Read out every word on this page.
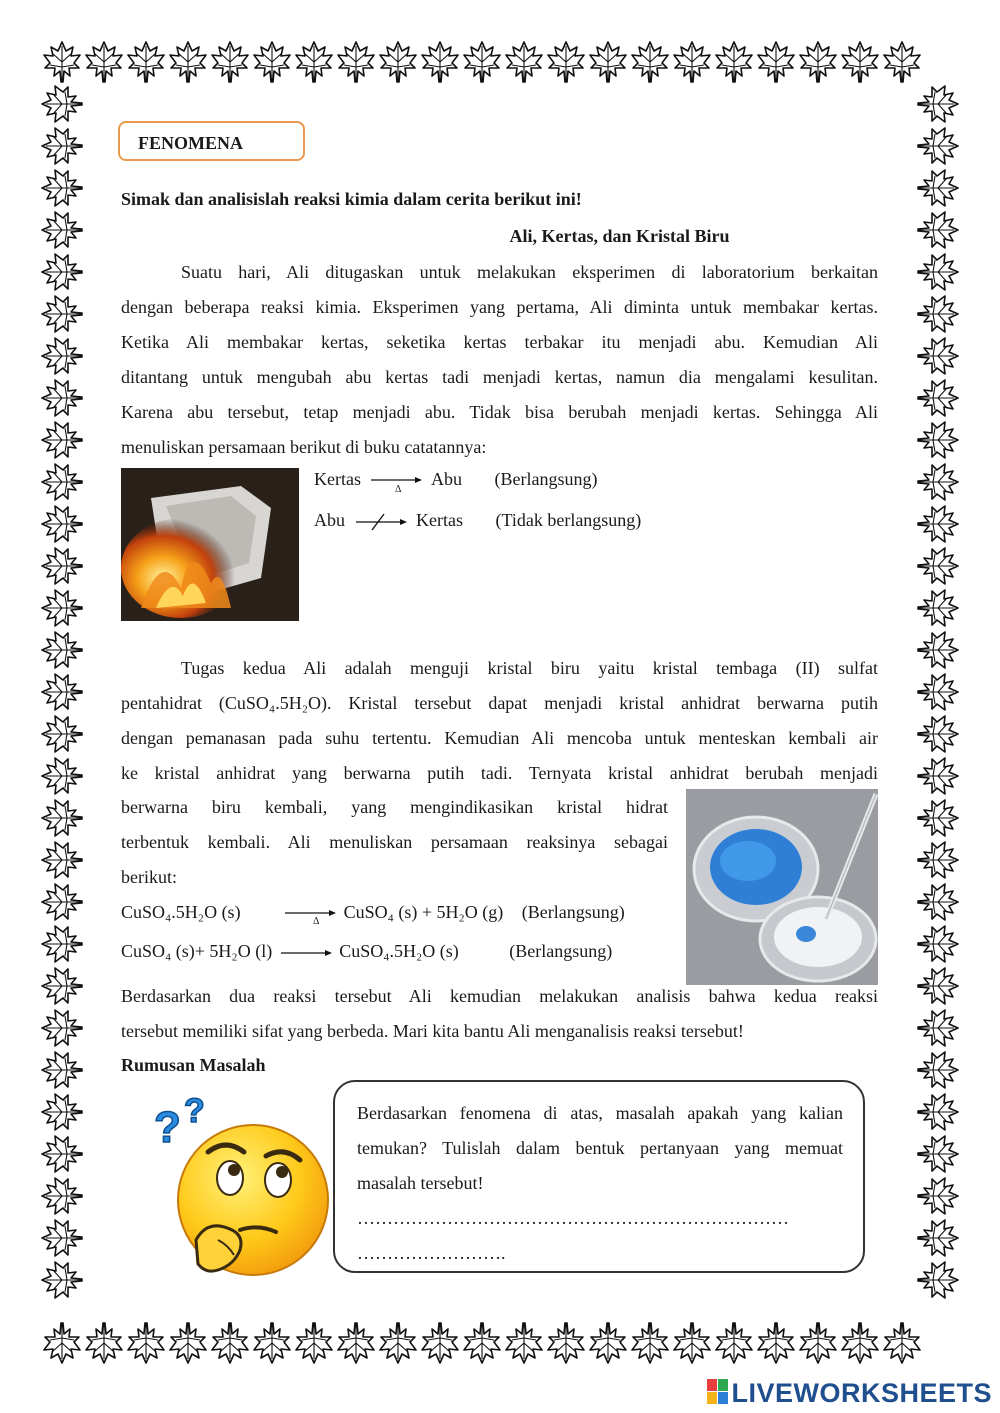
FENOMENA
Simak dan analisislah reaksi kimia dalam cerita berikut ini!
Ali, Kertas, dan Kristal Biru
Suatu hari, Ali ditugaskan untuk melakukan eksperimen di laboratorium berkaitan
dengan beberapa reaksi kimia. Eksperimen yang pertama, Ali diminta untuk membakar kertas.
Ketika Ali membakar kertas, seketika kertas terbakar itu menjadi abu. Kemudian Ali
ditantang untuk mengubah abu kertas tadi menjadi kertas, namun dia mengalami kesulitan.
Karena abu tersebut, tetap menjadi abu. Tidak bisa berubah menjadi kertas. Sehingga Ali
menuliskan persamaan berikut di buku catatannya:
Kertas →
Δ
Abu (Berlangsung)
Abu	Kertas (Tidak berlangsung)
Tugas kedua Ali adalah menguji kristal biru yaitu kristal tembaga (II) sulfat
pentahidrat (CuSO₄.5H₂O). Kristal tersebut dapat menjadi kristal anhidrat berwarna putih
dengan pemanasan pada suhu tertentu. Kemudian Ali mencoba untuk menteskan kembali air
ke kristal anhidrat yang berwarna putih tadi. Ternyata kristal anhidrat berubah menjadi
berwarna biru kembali, yang mengindikasikan kristal hidrat
terbentuk kembali. Ali menuliskan persamaan reaksinya sebagai
berikut:
CuSO₄.5H₂O (s)	Δ CuSO₄ (s) + 5H₂O (g) (Berlangsung)
CuSO₄ (s)+ 5H₂O (l) → CuSO₄.5H₂O (s)	(Berlangsung)
Berdasarkan dua reaksi tersebut Ali kemudian melakukan analisis bahwa kedua reaksi
tersebut memiliki sifat yang berbeda. Mari kita bantu Ali menganalisis reaksi tersebut!
Rumusan Masalah
? ?	Berdasarkan fenomena di atas, masalah apakah yang kalian
temukan? Tulislah dalam bentuk pertanyaan yang memuat
masalah tersebut!
………………………………………………………………
…………………….
LIVEWORKSHEETS
